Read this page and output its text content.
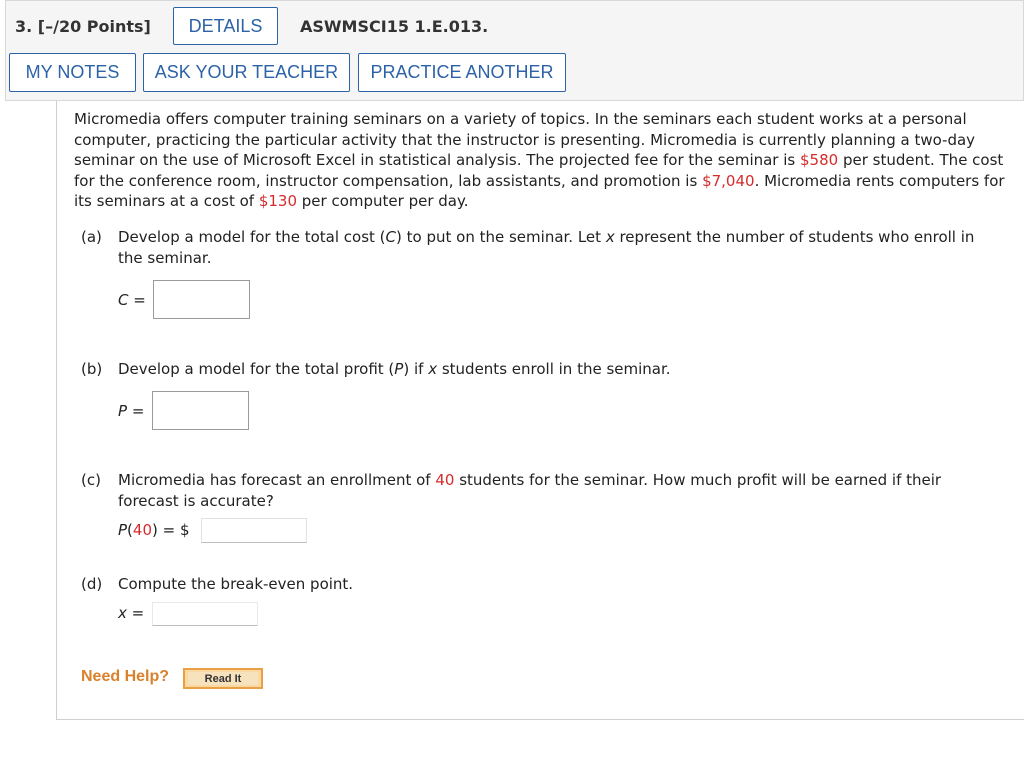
3. [–/20 Points] DETAILS ASWMSCI15 1.E.013.
MY NOTES ASK YOUR TEACHER PRACTICE ANOTHER
Micromedia offers computer training seminars on a variety of topics. In the seminars each student works at a personal computer, practicing the particular activity that the instructor is presenting. Micromedia is currently planning a two-day seminar on the use of Microsoft Excel in statistical analysis. The projected fee for the seminar is $580 per student. The cost for the conference room, instructor compensation, lab assistants, and promotion is $7,040. Micromedia rents computers for its seminars at a cost of $130 per computer per day.
(a) Develop a model for the total cost (C) to put on the seminar. Let x represent the number of students who enroll in the seminar.
C =
(b) Develop a model for the total profit (P) if x students enroll in the seminar.
P =
(c) Micromedia has forecast an enrollment of 40 students for the seminar. How much profit will be earned if their forecast is accurate?
P(40) = $
(d) Compute the break-even point.
x =
Need Help?	Read It
